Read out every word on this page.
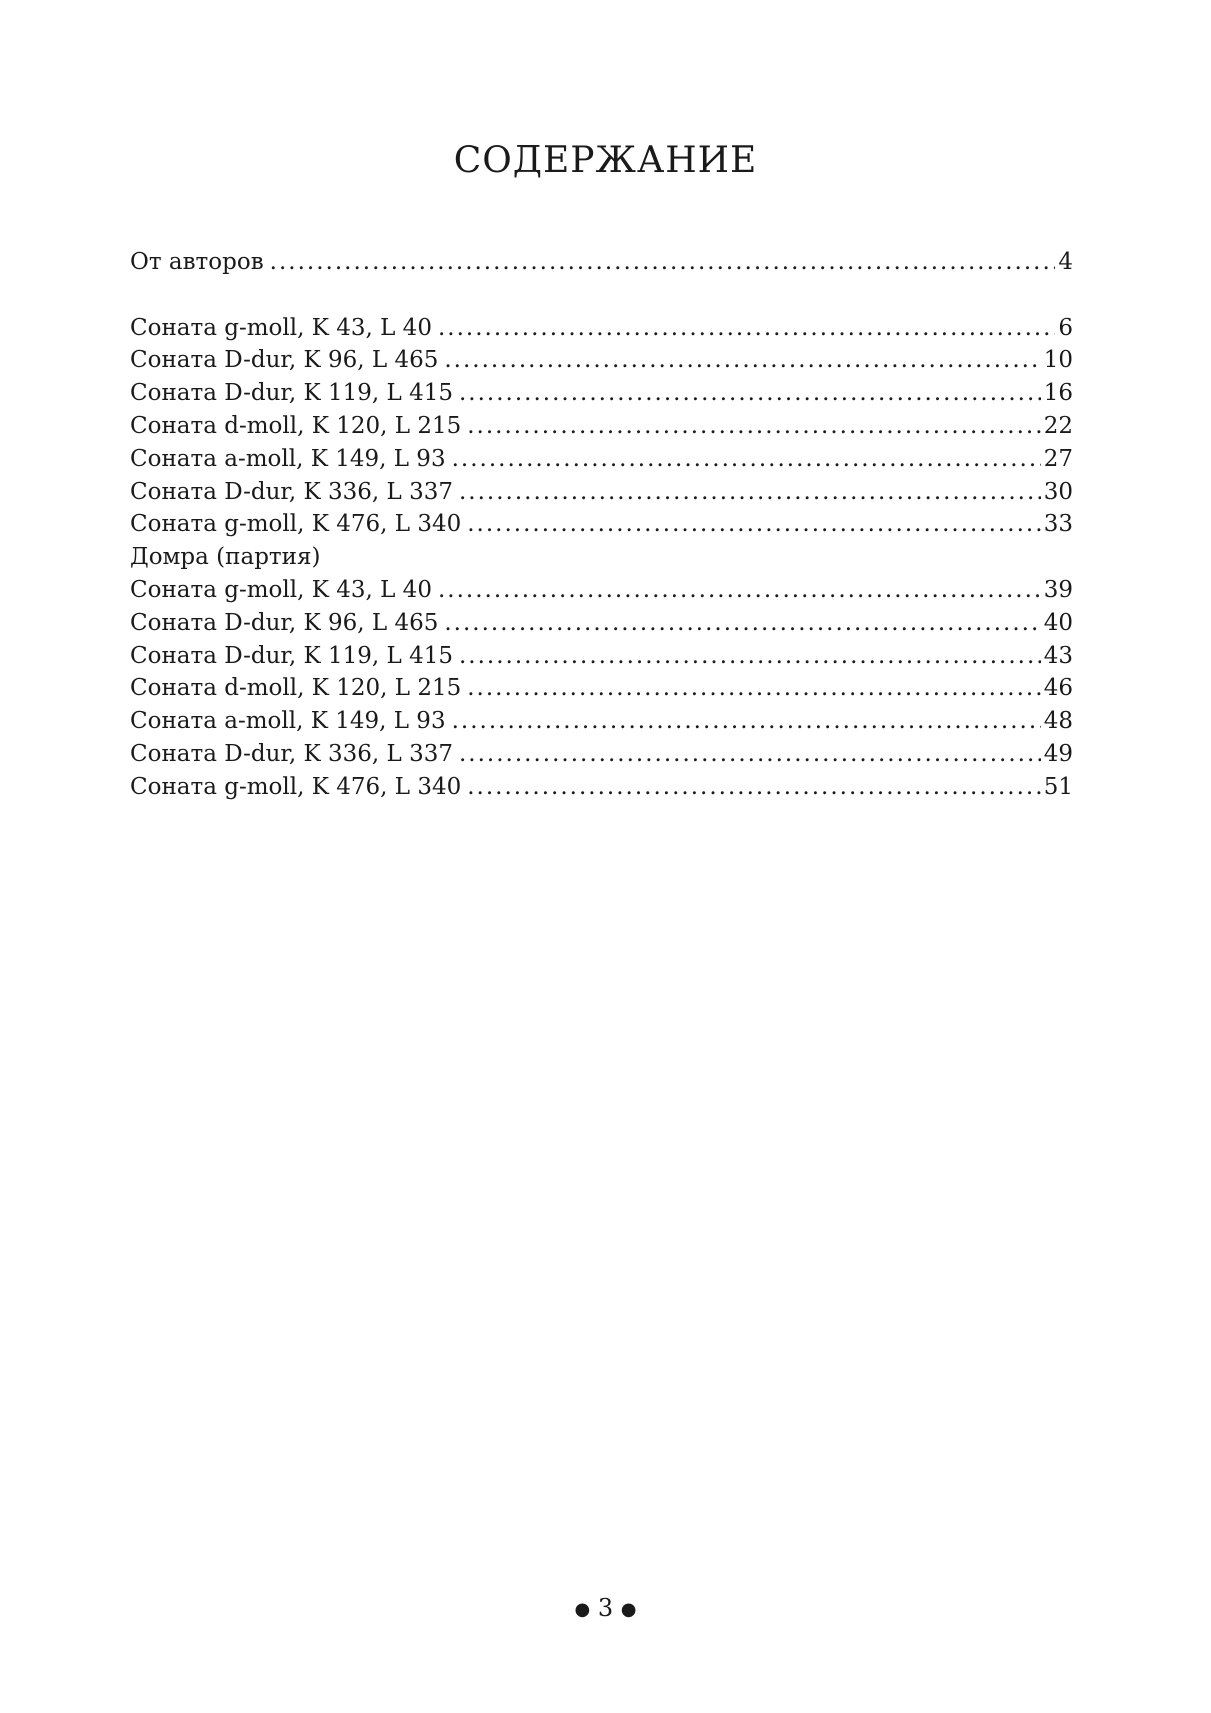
СОДЕРЖАНИЕ
От авторов .....	4
Соната g-moll, K 43, L 40 .....	6
Соната D-dur, K 96, L 465 .....	10
Соната D-dur, K 119, L 415 .....	16
Соната d-moll, K 120, L 215 .....	22
Соната a-moll, K 149, L 93 .....	27
Соната D-dur, K 336, L 337 .....	30
Соната g-moll, K 476, L 340 .....	33
Домра (партия)
Соната g-moll, K 43, L 40 .....	39
Соната D-dur, K 96, L 465 .....	40
Соната D-dur, K 119, L 415 .....	43
Соната d-moll, K 120, L 215 .....	46
Соната a-moll, K 149, L 93 .....	48
Соната D-dur, K 336, L 337 .....	49
Соната g-moll, K 476, L 340 .....	51
● 3 ●
